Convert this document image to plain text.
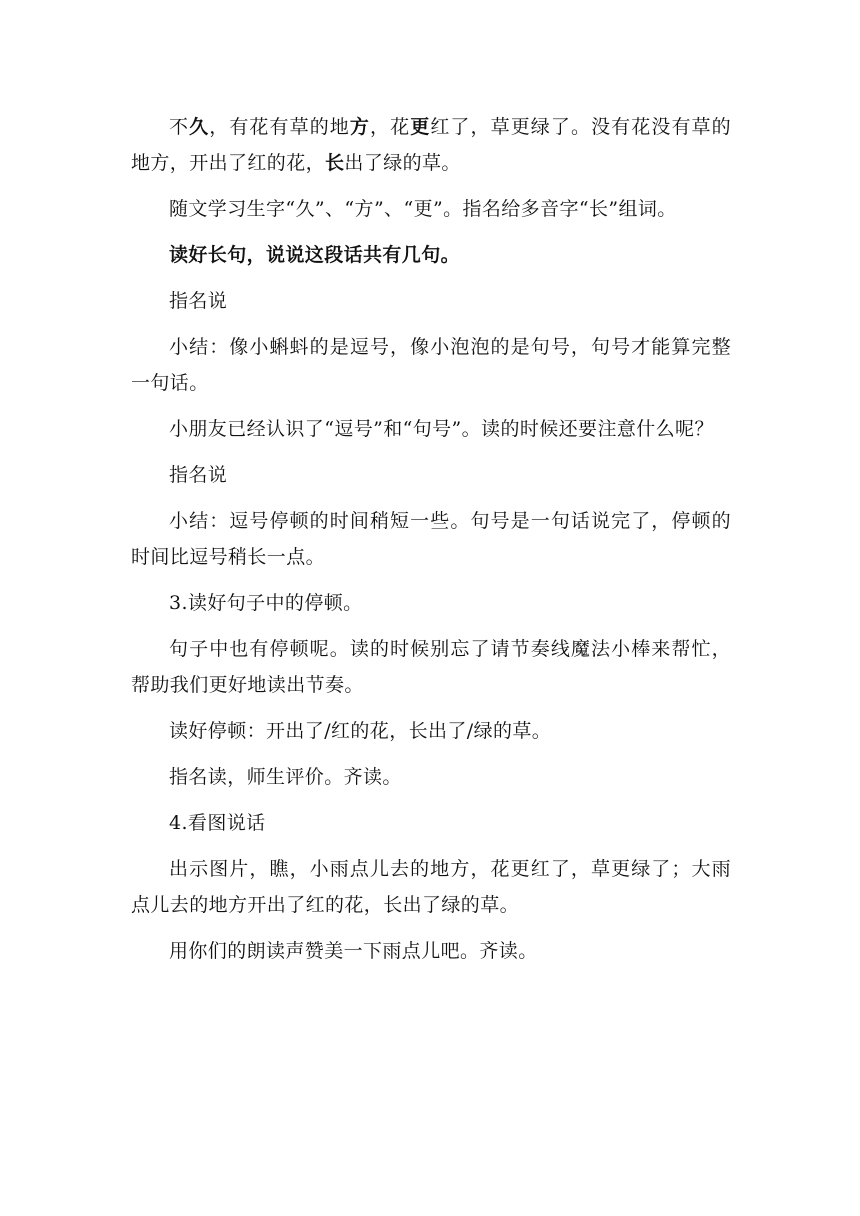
不久，有花有草的地方，花更红了，草更绿了。没有花没有草的地方，开出了红的花，长出了绿的草。

随文学习生字“久”、“方”、“更”。指名给多音字“长”组词。

读好长句，说说这段话共有几句。

指名说

小结：像小蝌蚪的是逗号，像小泡泡的是句号，句号才能算完整一句话。

小朋友已经认识了“逗号”和“句号”。读的时候还要注意什么呢？

指名说

小结：逗号停顿的时间稍短一些。句号是一句话说完了，停顿的时间比逗号稍长一点。

3.读好句子中的停顿。

句子中也有停顿呢。读的时候别忘了请节奏线魔法小棒来帮忙，帮助我们更好地读出节奏。

读好停顿：开出了/红的花，长出了/绿的草。

指名读，师生评价。齐读。

4.看图说话

出示图片，瞧，小雨点儿去的地方，花更红了，草更绿了；大雨点儿去的地方开出了红的花，长出了绿的草。

用你们的朗读声赞美一下雨点儿吧。齐读。
